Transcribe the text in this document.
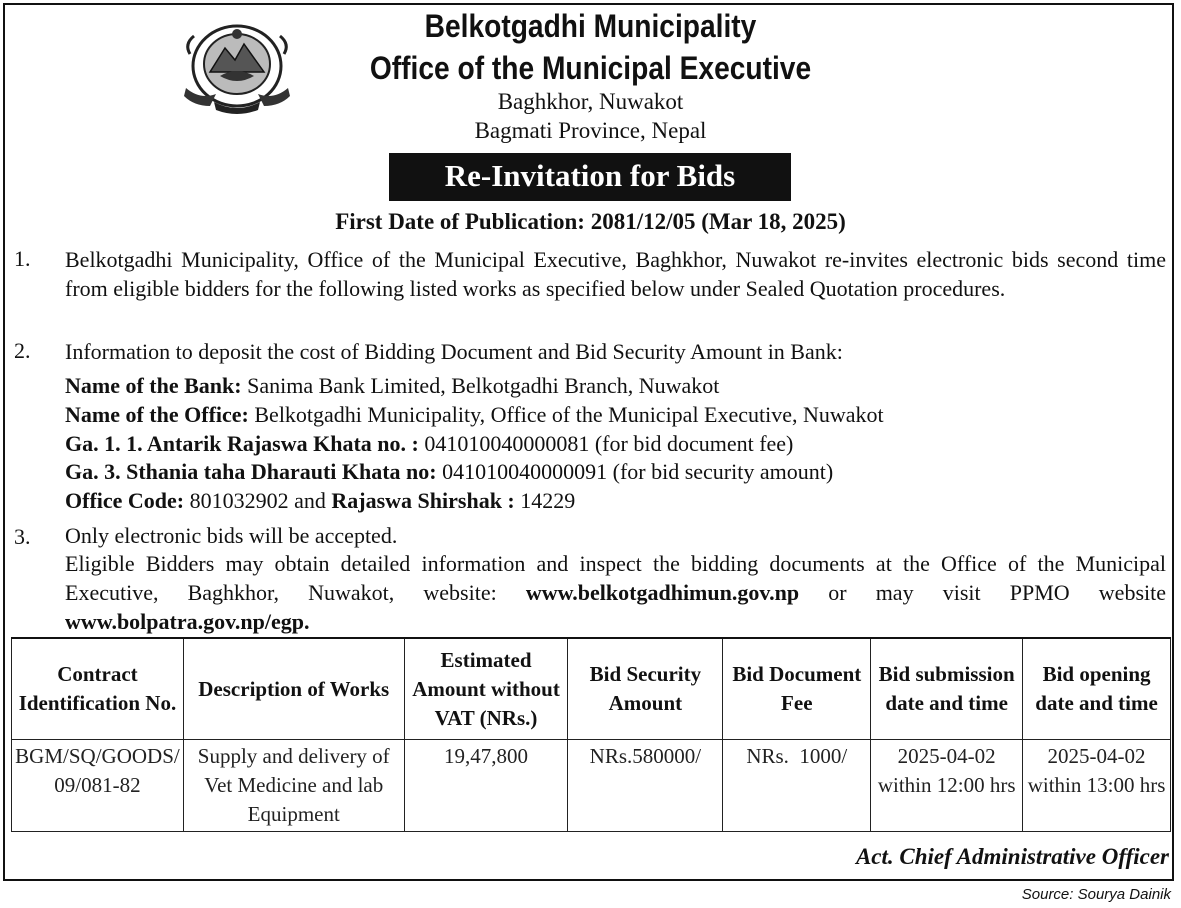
Belkotgadhi Municipality
Office of the Municipal Executive
Baghkhor, Nuwakot
Bagmati Province, Nepal
Re-Invitation for Bids
First Date of Publication: 2081/12/05 (Mar 18, 2025)
1. Belkotgadhi Municipality, Office of the Municipal Executive, Baghkhor, Nuwakot re-invites electronic bids second time from eligible bidders for the following listed works as specified below under Sealed Quotation procedures.
2. Information to deposit the cost of Bidding Document and Bid Security Amount in Bank:
Name of the Bank: Sanima Bank Limited, Belkotgadhi Branch, Nuwakot
Name of the Office: Belkotgadhi Municipality, Office of the Municipal Executive, Nuwakot
Ga. 1. 1. Antarik Rajaswa Khata no. : 041010040000081 (for bid document fee)
Ga. 3. Sthania taha Dharauti Khata no: 041010040000091 (for bid security amount)
Office Code: 801032902 and Rajaswa Shirshak : 14229
3. Only electronic bids will be accepted.
Eligible Bidders may obtain detailed information and inspect the bidding documents at the Office of the Municipal Executive, Baghkhor, Nuwakot, website: www.belkotgadhimun.gov.np or may visit PPMO website www.bolpatra.gov.np/egp.
Contract Identification No.	Description of Works	Estimated Amount without VAT (NRs.)	Bid Security Amount	Bid Document Fee	Bid submission date and time	Bid opening date and time
BGM/SQ/GOODS/09/081-82	Supply and delivery of Vet Medicine and lab Equipment	19,47,800	NRs.580000/	NRs.  1000/	2025-04-02 within 12:00 hrs	2025-04-02 within 13:00 hrs
Act. Chief Administrative Officer
Source: Sourya Dainik
